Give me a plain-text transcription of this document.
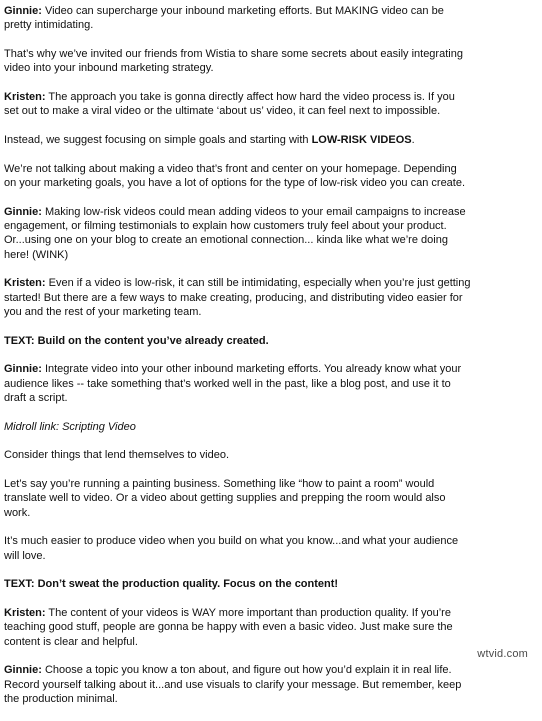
Ginnie: Video can supercharge your inbound marketing efforts. But MAKING video can be
pretty intimidating.

That’s why we’ve invited our friends from Wistia to share some secrets about easily integrating
video into your inbound marketing strategy.

Kristen: The approach you take is gonna directly affect how hard the video process is. If you
set out to make a viral video or the ultimate ‘about us’ video, it can feel next to impossible.

Instead, we suggest focusing on simple goals and starting with LOW-RISK VIDEOS.

We’re not talking about making a video that’s front and center on your homepage. Depending
on your marketing goals, you have a lot of options for the type of low-risk video you can create.

Ginnie: Making low-risk videos could mean adding videos to your email campaigns to increase
engagement, or filming testimonials to explain how customers truly feel about your product.
Or...using one on your blog to create an emotional connection... kinda like what we’re doing
here! (WINK)

Kristen: Even if a video is low-risk, it can still be intimidating, especially when you’re just getting
started! But there are a few ways to make creating, producing, and distributing video easier for
you and the rest of your marketing team.

TEXT: Build on the content you’ve already created.

Ginnie: Integrate video into your other inbound marketing efforts. You already know what your
audience likes -- take something that’s worked well in the past, like a blog post, and use it to
draft a script.

Midroll link: Scripting Video

Consider things that lend themselves to video.

Let’s say you’re running a painting business. Something like “how to paint a room” would
translate well to video. Or a video about getting supplies and prepping the room would also
work.

It’s much easier to produce video when you build on what you know...and what your audience
will love.

TEXT: Don’t sweat the production quality. Focus on the content!

Kristen: The content of your videos is WAY more important than production quality. If you’re
teaching good stuff, people are gonna be happy with even a basic video. Just make sure the
content is clear and helpful.

Ginnie: Choose a topic you know a ton about, and figure out how you’d explain it in real life.
Record yourself talking about it...and use visuals to clarify your message. But remember, keep
the production minimal.

wtvid.com
